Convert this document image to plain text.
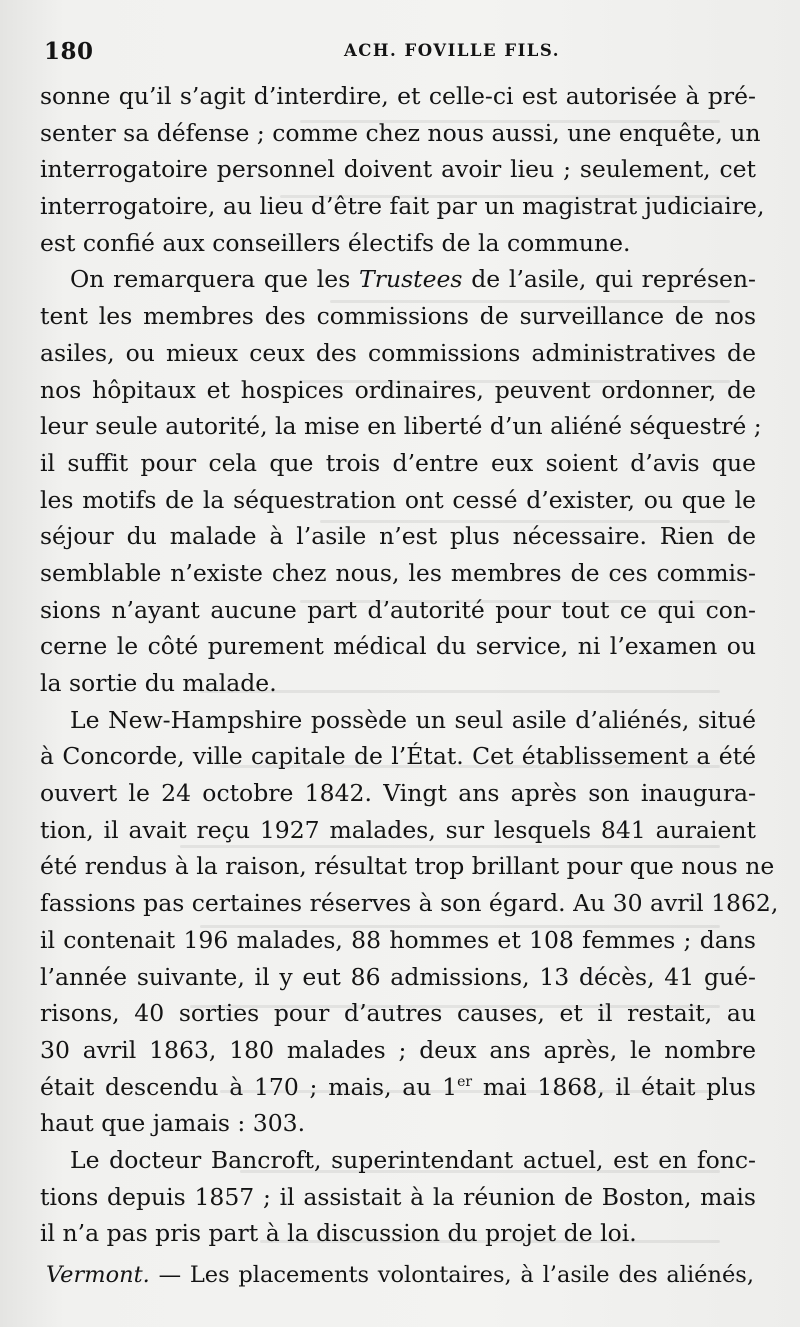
180	ACH. FOVILLE FILS.
sonne qu’il s’agit d’interdire, et celle-ci est autorisée à pré-
senter sa défense ; comme chez nous aussi, une enquête, un
interrogatoire personnel doivent avoir lieu ; seulement, cet
interrogatoire, au lieu d’être fait par un magistrat judiciaire,
est confié aux conseillers électifs de la commune.
On remarquera que les Trustees de l’asile, qui représen-
tent les membres des commissions de surveillance de nos
asiles, ou mieux ceux des commissions administratives de
nos hôpitaux et hospices ordinaires, peuvent ordonner, de
leur seule autorité, la mise en liberté d’un aliéné séquestré ;
il suffit pour cela que trois d’entre eux soient d’avis que
les motifs de la séquestration ont cessé d’exister, ou que le
séjour du malade à l’asile n’est plus nécessaire. Rien de
semblable n’existe chez nous, les membres de ces commis-
sions n’ayant aucune part d’autorité pour tout ce qui con-
cerne le côté purement médical du service, ni l’examen ou
la sortie du malade.
Le New-Hampshire possède un seul asile d’aliénés, situé
à Concorde, ville capitale de l’État. Cet établissement a été
ouvert le 24 octobre 1842. Vingt ans après son inaugura-
tion, il avait reçu 1927 malades, sur lesquels 841 auraient
été rendus à la raison, résultat trop brillant pour que nous ne
fassions pas certaines réserves à son égard. Au 30 avril 1862,
il contenait 196 malades, 88 hommes et 108 femmes ; dans
l’année suivante, il y eut 86 admissions, 13 décès, 41 gué-
risons, 40 sorties pour d’autres causes, et il restait, au
30 avril 1863, 180 malades ; deux ans après, le nombre
était descendu à 170 ; mais, au 1er mai 1868, il était plus
haut que jamais : 303.
Le docteur Bancroft, superintendant actuel, est en fonc-
tions depuis 1857 ; il assistait à la réunion de Boston, mais
il n’a pas pris part à la discussion du projet de loi.
Vermont. — Les placements volontaires, à l’asile des aliénés,
